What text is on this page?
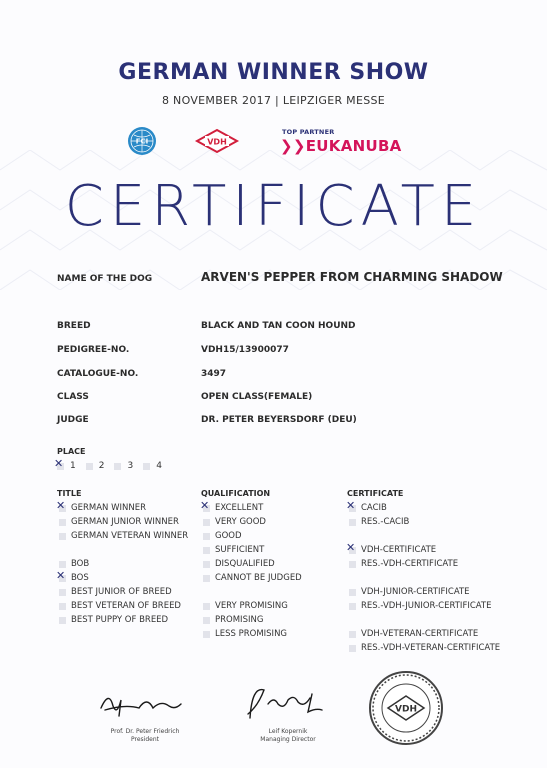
GERMAN WINNER SHOW
8 NOVEMBER 2017 | LEIPZIGER MESSE
FCI	VDH
TOP PARTNER
❯❯EUKANUBA
CERTIFICATE
NAME OF THE DOG	ARVEN'S PEPPER FROM CHARMING SHADOW
BREED	BLACK AND TAN COON HOUND
PEDIGREE-NO.	VDH15/13900077
CATALOGUE-NO.	3497
CLASS	OPEN CLASS(FEMALE)
JUDGE	DR. PETER BEYERSDORF (DEU)
PLACE
✕
1	2	3	4
TITLE
✕
GERMAN WINNER
GERMAN JUNIOR WINNER
GERMAN VETERAN WINNER
BOB
✕
BOS
BEST JUNIOR OF BREED
BEST VETERAN OF BREED
BEST PUPPY OF BREED
QUALIFICATION
✕
EXCELLENT
VERY GOOD
GOOD
SUFFICIENT
DISQUALIFIED
CANNOT BE JUDGED
VERY PROMISING
PROMISING
LESS PROMISING
CERTIFICATE
✕
CACIB
RES.-CACIB
✕
VDH-CERTIFICATE
RES.-VDH-CERTIFICATE
VDH-JUNIOR-CERTIFICATE
RES.-VDH-JUNIOR-CERTIFICATE
VDH-VETERAN-CERTIFICATE
RES.-VDH-VETERAN-CERTIFICATE
Prof. Dr. Peter Friedrich
President
Leif Kopernik
Managing Director
VDH
